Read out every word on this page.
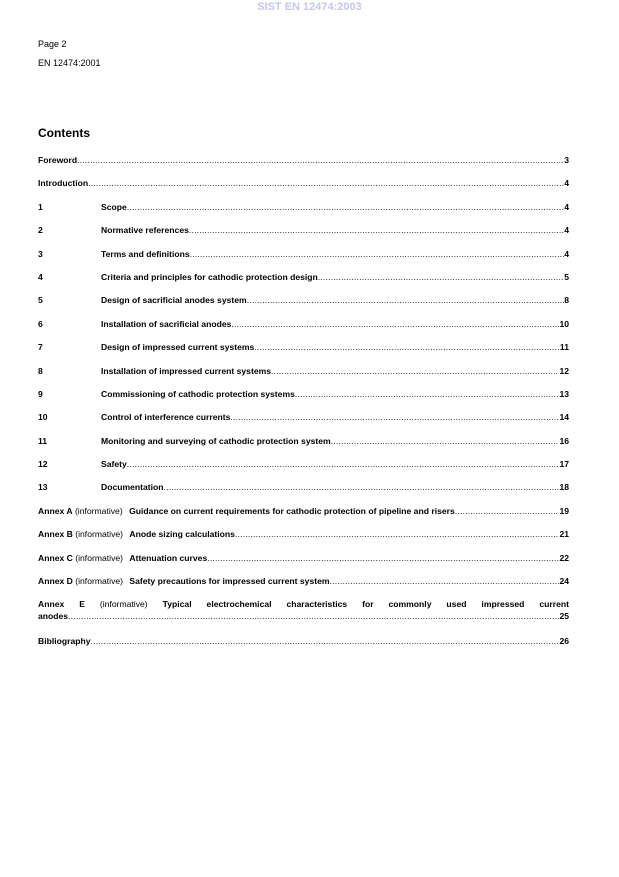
SIST EN 12474:2003
Page 2
EN 12474:2001
Contents
Foreword .....	3
Introduction .....	4
1	Scope .....	4
2	Normative references .....	4
3	Terms and definitions .....	4
4	Criteria and principles for cathodic protection design .....	5
5	Design of sacrificial anodes system .....	8
6	Installation of sacrificial anodes .....	10
7	Design of impressed current systems .....	11
8	Installation of impressed current systems .....	12
9	Commissioning of cathodic protection systems .....	13
10	Control of interference currents .....	14
11	Monitoring and surveying of cathodic protection system .....	16
12	Safety .....	17
13	Documentation .....	18
Annex A
(informative)
Guidance on current requirements for cathodic protection of pipeline and risers .....	19
Annex B
(informative)
Anode sizing calculations .....	21
Annex C
(informative)
Attenuation curves .....	22
Annex D
(informative)
Safety precautions for impressed current system .....	24
Annex E (informative) Typical electrochemical characteristics for commonly used impressed current
anodes .....	25
Bibliography .....	26
